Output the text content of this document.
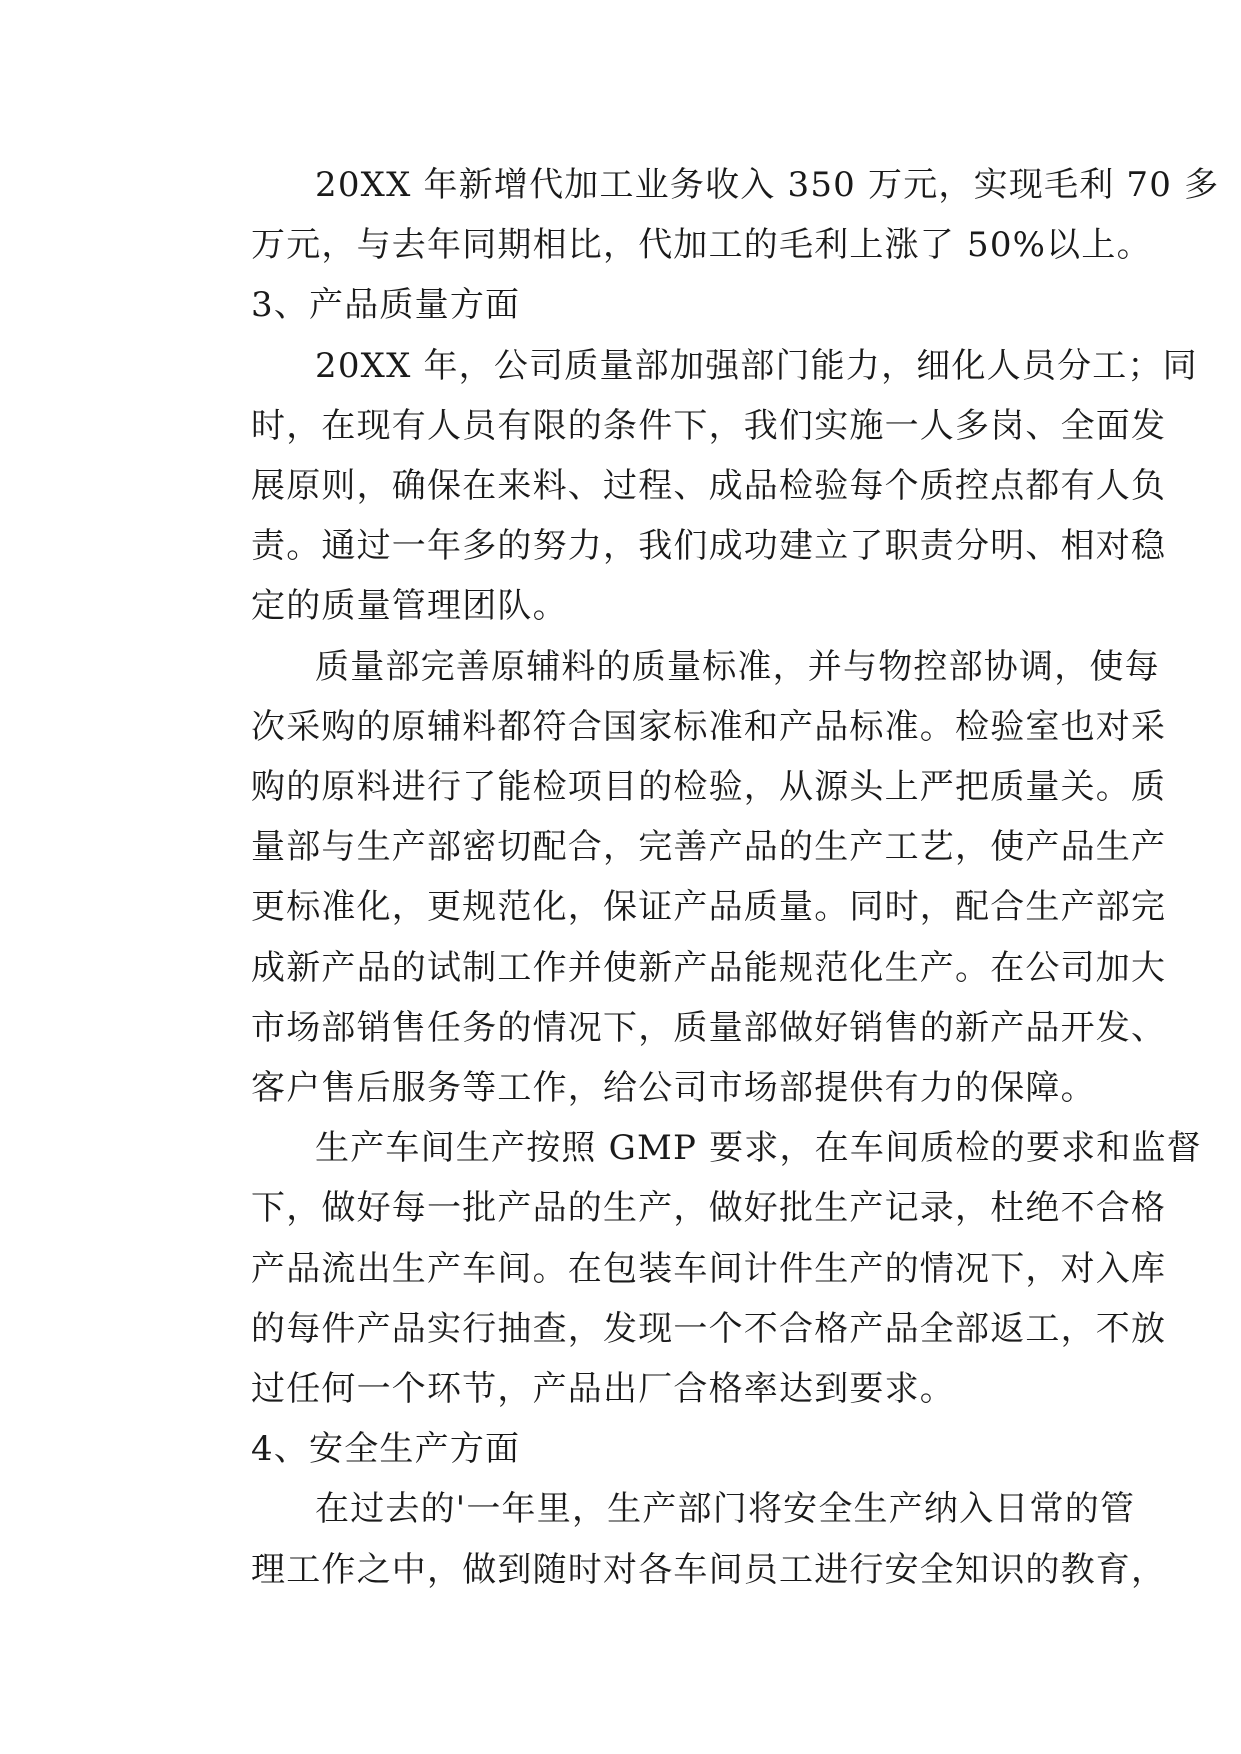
20XX 年新增代加工业务收入 350 万元，实现毛利 70 多
万元，与去年同期相比，代加工的毛利上涨了 50%以上。
3、产品质量方面
20XX 年，公司质量部加强部门能力，细化人员分工；同
时，在现有人员有限的条件下，我们实施一人多岗、全面发
展原则，确保在来料、过程、成品检验每个质控点都有人负
责。通过一年多的努力，我们成功建立了职责分明、相对稳
定的质量管理团队。
质量部完善原辅料的质量标准，并与物控部协调，使每
次采购的原辅料都符合国家标准和产品标准。检验室也对采
购的原料进行了能检项目的检验，从源头上严把质量关。质
量部与生产部密切配合，完善产品的生产工艺，使产品生产
更标准化，更规范化，保证产品质量。同时，配合生产部完
成新产品的试制工作并使新产品能规范化生产。在公司加大
市场部销售任务的情况下，质量部做好销售的新产品开发、
客户售后服务等工作，给公司市场部提供有力的保障。
生产车间生产按照 GMP 要求，在车间质检的要求和监督
下，做好每一批产品的生产，做好批生产记录，杜绝不合格
产品流出生产车间。在包装车间计件生产的情况下，对入库
的每件产品实行抽查，发现一个不合格产品全部返工，不放
过任何一个环节，产品出厂合格率达到要求。
4、安全生产方面
在过去的'一年里，生产部门将安全生产纳入日常的管
理工作之中，做到随时对各车间员工进行安全知识的教育，
